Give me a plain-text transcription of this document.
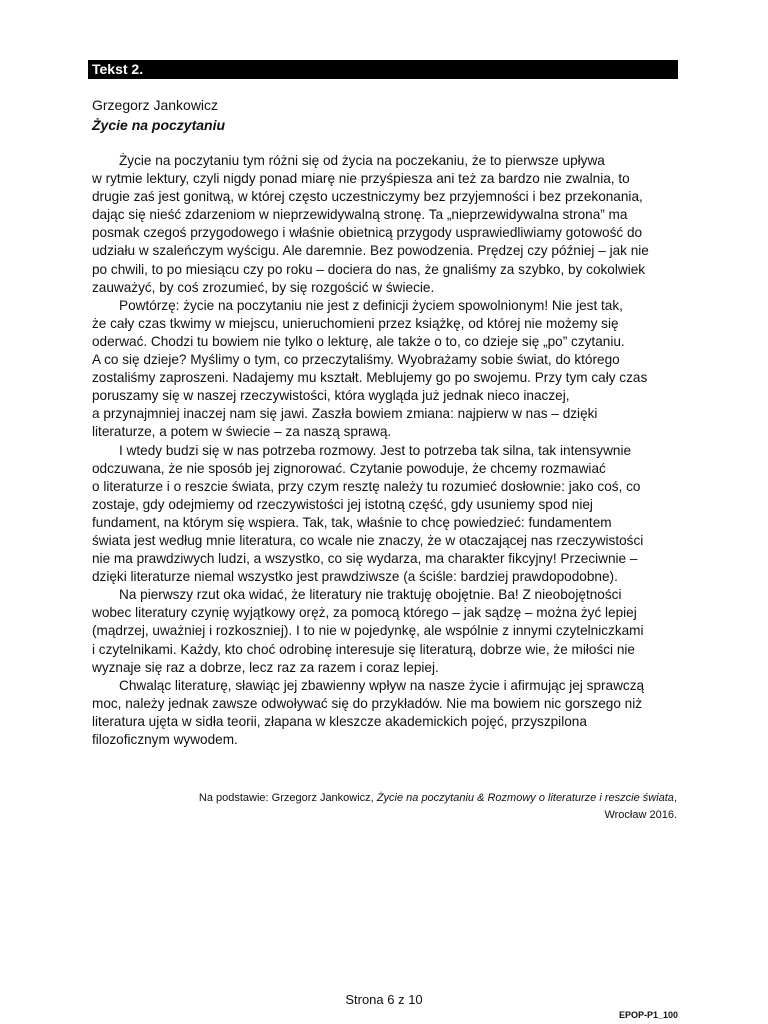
Tekst 2.
Grzegorz Jankowicz
Życie na poczytaniu
Życie na poczytaniu tym różni się od życia na poczekaniu, że to pierwsze upływa
w rytmie lektury, czyli nigdy ponad miarę nie przyśpiesza ani też za bardzo nie zwalnia, to
drugie zaś jest gonitwą, w której często uczestniczymy bez przyjemności i bez przekonania,
dając się nieść zdarzeniom w nieprzewidywalną stronę. Ta „nieprzewidywalna strona” ma
posmak czegoś przygodowego i właśnie obietnicą przygody usprawiedliwiamy gotowość do
udziału w szaleńczym wyścigu. Ale daremnie. Bez powodzenia. Prędzej czy później – jak nie
po chwili, to po miesiącu czy po roku – dociera do nas, że gnaliśmy za szybko, by cokolwiek
zauważyć, by coś zrozumieć, by się rozgościć w świecie.
Powtórzę: życie na poczytaniu nie jest z definicji życiem spowolnionym! Nie jest tak,
że cały czas tkwimy w miejscu, unieruchomieni przez książkę, od której nie możemy się
oderwać. Chodzi tu bowiem nie tylko o lekturę, ale także o to, co dzieje się „po” czytaniu.
A co się dzieje? Myślimy o tym, co przeczytaliśmy. Wyobrażamy sobie świat, do którego
zostaliśmy zaproszeni. Nadajemy mu kształt. Meblujemy go po swojemu. Przy tym cały czas
poruszamy się w naszej rzeczywistości, która wygląda już jednak nieco inaczej,
a przynajmniej inaczej nam się jawi. Zaszła bowiem zmiana: najpierw w nas – dzięki
literaturze, a potem w świecie – za naszą sprawą.
I wtedy budzi się w nas potrzeba rozmowy. Jest to potrzeba tak silna, tak intensywnie
odczuwana, że nie sposób jej zignorować. Czytanie powoduje, że chcemy rozmawiać
o literaturze i o reszcie świata, przy czym resztę należy tu rozumieć dosłownie: jako coś, co
zostaje, gdy odejmiemy od rzeczywistości jej istotną część, gdy usuniemy spod niej
fundament, na którym się wspiera. Tak, tak, właśnie to chcę powiedzieć: fundamentem
świata jest według mnie literatura, co wcale nie znaczy, że w otaczającej nas rzeczywistości
nie ma prawdziwych ludzi, a wszystko, co się wydarza, ma charakter fikcyjny! Przeciwnie –
dzięki literaturze niemal wszystko jest prawdziwsze (a ściśle: bardziej prawdopodobne).
Na pierwszy rzut oka widać, że literatury nie traktuję obojętnie. Ba! Z nieobojętności
wobec literatury czynię wyjątkowy oręż, za pomocą którego – jak sądzę – można żyć lepiej
(mądrzej, uważniej i rozkoszniej). I to nie w pojedynkę, ale wspólnie z innymi czytelniczkami
i czytelnikami. Każdy, kto choć odrobinę interesuje się literaturą, dobrze wie, że miłości nie
wyznaje się raz a dobrze, lecz raz za razem i coraz lepiej.
Chwaląc literaturę, sławiąc jej zbawienny wpływ na nasze życie i afirmując jej sprawczą
moc, należy jednak zawsze odwoływać się do przykładów. Nie ma bowiem nic gorszego niż
literatura ujęta w sidła teorii, złapana w kleszcze akademickich pojęć, przyszpilona
filozoficznym wywodem.
Na podstawie: Grzegorz Jankowicz, Życie na poczytaniu & Rozmowy o literaturze i reszcie świata,
Wrocław 2016.
Strona 6 z 10
EPOP-P1_100
